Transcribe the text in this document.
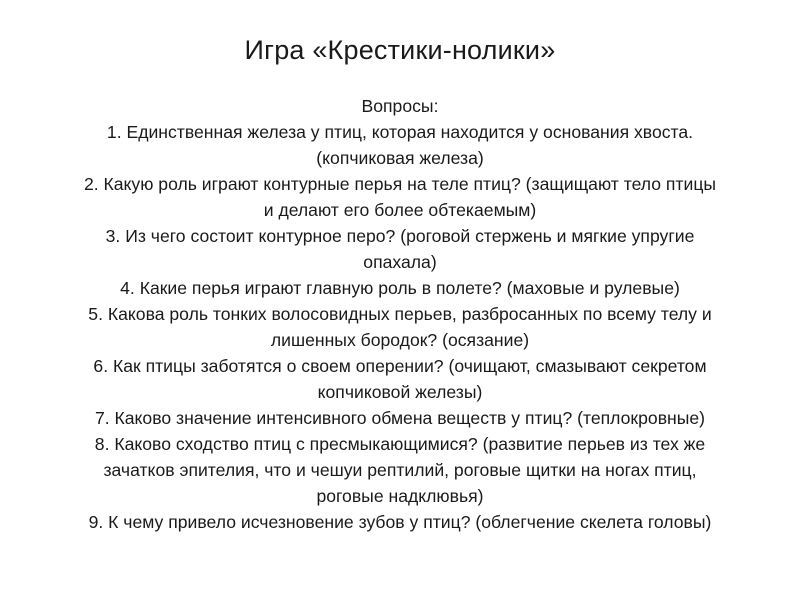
Игра «Крестики-нолики»
Вопросы:
1. Единственная железа у птиц, которая находится у основания хвоста.
(копчиковая железа)
2. Какую роль играют контурные перья на теле птиц? (защищают тело птицы
и делают его более обтекаемым)
3. Из чего состоит контурное перо? (роговой стержень и мягкие упругие
опахала)
4. Какие перья играют главную роль в полете? (маховые и рулевые)
5. Какова роль тонких волосовидных перьев, разбросанных по всему телу и
лишенных бородок? (осязание)
6. Как птицы заботятся о своем оперении? (очищают, смазывают секретом
копчиковой железы)
7. Каково значение интенсивного обмена веществ у птиц? (теплокровные)
8. Каково сходство птиц с пресмыкающимися? (развитие перьев из тех же
зачатков эпителия, что и чешуи рептилий, роговые щитки на ногах птиц,
роговые надклювья)
9. К чему привело исчезновение зубов у птиц? (облегчение скелета головы)
